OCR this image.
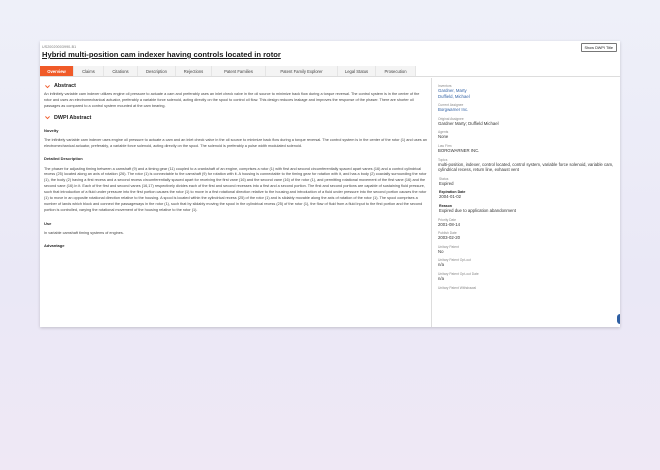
US20020003990-B1
Hybrid multi-position cam indexer having controls located in rotor
Show DWPI Title
Overview	Claims	Citations	Description	Rejections	Patent Families	Patent Family Explorer	Legal Status	Prosecution
Abstract

An infinitely variable cam indexer utilizes engine oil pressure to actuate a cam and preferably uses an inlet check valve in the oil source to minimize back flow during a torque reversal. The control system is in the center of the rotor and uses an electromechanical actuator, preferably a variable force solenoid, acting directly on the spool to control oil flow. This design reduces leakage and improves the response of the phaser. There are shorter oil passages as compared to a control system mounted at the cam bearing.

DWPI Abstract
Novelty

The infinitely variable cam indexer uses engine oil pressure to actuate a cam and an inlet check valve in the oil source to minimize back flow during a torque reversal. The control system is in the center of the rotor (1) and uses an electromechanical actuator, preferably, a variable force solenoid, acting directly on the spool. The solenoid is preferably a pulse width modulated solenoid.

Detailed Description

The phaser for adjusting timing between a camshaft (9) and a timing gear (11) coupled to a crankshaft of an engine, comprises a rotor (1) with first and second circumferentially spaced apart vanes (16) and a control cylindrical recess (25) located along an axis of rotation (26). The rotor (1) is connectable to the camshaft (9) for rotation with it. A housing is connectable to the timing gear for rotation with it, and has a body (2) coaxially surrounding the rotor (1), the body (2) having a first recess and a second recess circumferentially spaced apart for receiving the first vane (16) and the second vane (16) of the rotor (1), and permitting rotational movement of the first vane (16) and the second vane (16) in it. Each of the first and second vanes (16,17) respectively divides each of the first and second recesses into a first and a second portion. The first and second portions are capable of sustaining fluid pressure, such that introduction of a fluid under pressure into the first portion causes the rotor (1) to move in a first rotational direction relative to the housing and introduction of a fluid under pressure into the second portion causes the rotor (1) to move in an opposite rotational direction relative to the housing. A spool is located within the cylindrical recess (25) of the rotor (1) and is slidably movable along the axis of rotation of the rotor (1). The spool comprises a number of lands which block and connect the passageways in the rotor (1), such that by slidably moving the spool in the cylindrical recess (25) of the rotor (1), the flow of fluid from a fluid input to the first portion and the second portion is controlled, varying the rotational movement of the housing relative to the rotor (1).

Use

In variable camshaft timing systems of engines.

Advantage
Inventors
Gardner, Marty
Duffield, Michael
Current Assignee
Borgwarner Inc.
Original Assignee
Gardner Marty; Duffield Michael
Agents
None
Law Firm
BORGWARNER INC.
Topics
multi-position, indexer, control located, control system, variable force solenoid, variable cam, cylindrical recess, return line, exhaust vent
Status
Expired
Expiration Date
2004-01-02
Reason
Expired due to application abandonment
Priority Date
2001-08-14
Publish Date
2003-02-20
Unitary Patent
No
Unitary Patent Opt-out
n/a
Unitary Patent Opt-out Date
n/a
Unitary Patent Withdrawal
